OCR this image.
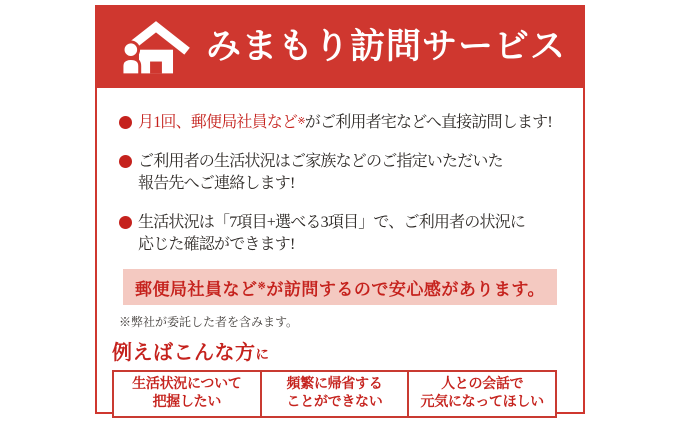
みまもり訪問サービス
月1回、郵便局社員など※がご利用者宅などへ直接訪問します!
ご利用者の生活状況はご家族などのご指定いただいた
報告先へご連絡します!
生活状況は「7項目+選べる3項目」で、ご利用者の状況に
応じた確認ができます!
郵便局社員など ※ が訪問するので安心感があります。
※弊社が委託した者を含みます。
例えばこんな方に
生活状況について
把握したい
頻繁に帰省する
ことができない
人との会話で
元気になってほしい
